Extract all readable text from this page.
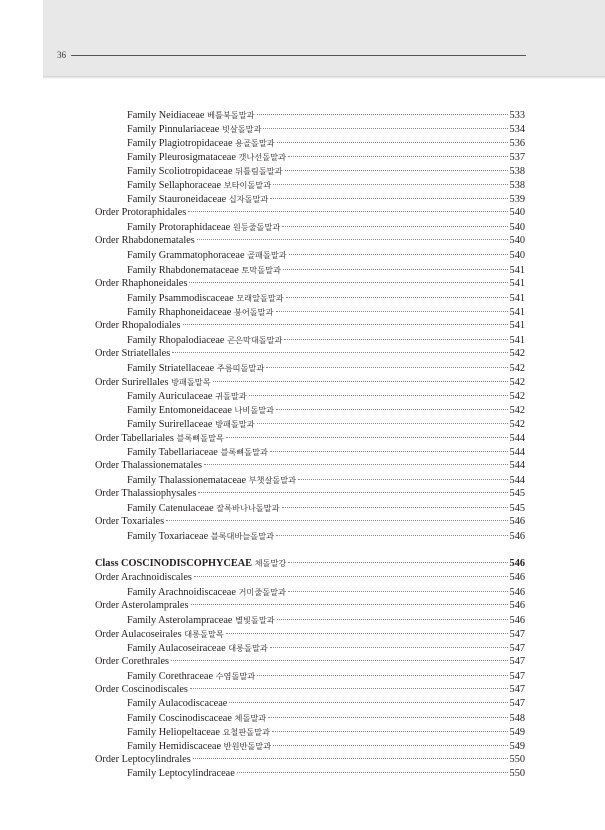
36
Family Neidiaceae 베틀북돌말과	533
Family Pinnulariaceae 빗살돌말과	534
Family Plagiotropidaceae 용골돌말과	536
Family Pleurosigmataceae 갯나선돌말과	537
Family Scoliotropidaceae 뒤틀림돌말과	538
Family Sellaphoraceae 보타이돌말과	538
Family Stauroneidaceae 십자돌말과	539
Order Protoraphidales	540
Family Protoraphidaceae 원등줄돌말과	540
Order Rhabdonematales	540
Family Grammatophoraceae 골패돌말과	540
Family Rhabdonemataceae 토막돌말과	541
Order Rhaphoneidales	541
Family Psammodiscaceae 모래알돌말과	541
Family Rhaphoneidaceae 붕어돌말과	541
Order Rhopalodiales	541
Family Rhopalodiaceae 곤은막대돌말과	541
Order Striatellales	542
Family Striatellaceae 주름띠돌말과	542
Order Surirellales 방패돌말목	542
Family Auriculaceae 귀돌말과	542
Family Entomoneidaceae 나비돌말과	542
Family Surirellaceae 방패돌말과	542
Order Tabellariales 블록뼈돌말목	544
Family Tabellariaceae 블록뼈돌말과	544
Order Thalassionematales	544
Family Thalassionemataceae 부챗살돌말과	544
Order Thalassiophysales	545
Family Catenulaceae 잘록바나나돌말과	545
Order Toxariales	546
Family Toxariaceae 블록대바늘돌말과	546
Class COSCINODISCOPHYCEAE 체돌말강	546
Order Arachnoidiscales	546
Family Arachnoidiscaceae 거미줄돌말과	546
Order Asterolamprales	546
Family Asterolampraceae 별빛돌말과	546
Order Aulacoseirales 대롱돌말목	547
Family Aulacoseiraceae 대롱돌말과	547
Order Corethrales	547
Family Corethraceae 수염돌말과	547
Order Coscinodiscales	547
Family Aulacodiscaceae	547
Family Coscinodiscaceae 체돌말과	548
Family Heliopeltaceae 요철판돌말과	549
Family Hemidiscaceae 반원반돌말과	549
Order Leptocylindrales	550
Family Leptocylindraceae	550
